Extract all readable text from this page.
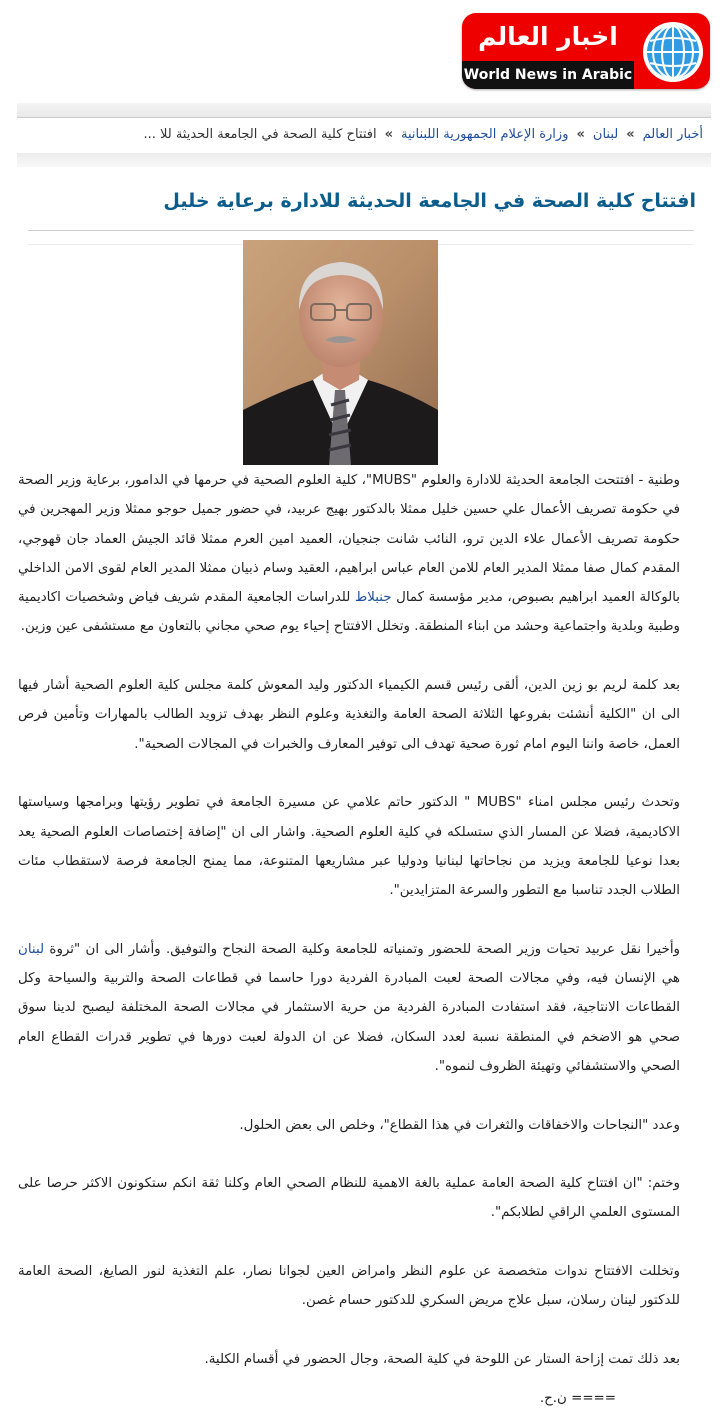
اخبار العالم
World News in Arabic
أخبار العالم»لبنان»وزارة الإعلام الجمهورية اللبنانية»افتتاح كلية الصحة في الجامعة الحديثة للا ...
افتتاح كلية الصحة في الجامعة الحديثة للادارة برعاية خليل

وطنية - افتتحت الجامعة الحديثة للادارة والعلوم "MUBS"، كلية العلوم الصحية في حرمها في الدامور، برعاية وزير الصحة في حكومة تصريف الأعمال علي حسين خليل ممثلا بالدكتور بهيج عربيد، في حضور جميل حوجو ممثلا وزير المهجرين في حكومة تصريف الأعمال علاء الدين ترو، النائب شانت جنجيان، العميد امين العرم ممثلا قائد الجيش العماد جان قهوجي، المقدم كمال صفا ممثلا المدير العام للامن العام عباس ابراهيم، العقيد وسام ذبيان ممثلا المدير العام لقوى الامن الداخلي بالوكالة العميد ابراهيم بصبوص، مدير مؤسسة كمال جنبلاط للدراسات الجامعية المقدم شريف فياض وشخصيات اكاديمية وطبية وبلدية واجتماعية وحشد من ابناء المنطقة. وتخلل الافتتاح إحياء يوم صحي مجاني بالتعاون مع مستشفى عين وزين.

بعد كلمة لريم بو زين الدين، ألقى رئيس قسم الكيمياء الدكتور وليد المعوش كلمة مجلس كلية العلوم الصحية أشار فيها الى ان "الكلية أنشئت بفروعها الثلاثة الصحة العامة والتغذية وعلوم النظر بهدف تزويد الطالب بالمهارات وتأمين فرص العمل، خاصة واننا اليوم امام ثورة صحية تهدف الى توفير المعارف والخبرات في المجالات الصحية".

وتحدث رئيس مجلس امناء "MUBS " الدكتور حاتم علامي عن مسيرة الجامعة في تطوير رؤيتها وبرامجها وسياستها الاكاديمية، فضلا عن المسار الذي ستسلكه في كلية العلوم الصحية. واشار الى ان "إضافة إختصاصات العلوم الصحية يعد بعدا نوعيا للجامعة ويزيد من نجاحاتها لبنانيا ودوليا عبر مشاريعها المتنوعة، مما يمنح الجامعة فرصة لاستقطاب مئات الطلاب الجدد تناسبا مع التطور والسرعة المتزايدين".

وأخيرا نقل عربيد تحيات وزير الصحة للحضور وتمنياته للجامعة وكلية الصحة النجاح والتوفيق. وأشار الى ان "ثروة لبنان هي الإنسان فيه، وفي مجالات الصحة لعبت المبادرة الفردية دورا حاسما في قطاعات الصحة والتربية والسياحة وكل القطاعات الانتاجية، فقد استفادت المبادرة الفردية من حرية الاستثمار في مجالات الصحة المختلفة ليصبح لدينا سوق صحي هو الاضخم في المنطقة نسبة لعدد السكان، فضلا عن ان الدولة لعبت دورها في تطوير قدرات القطاع العام الصحي والاستشفائي وتهيئة الظروف لنموه".

وعدد "النجاحات والاخفاقات والثغرات في هذا القطاع"، وخلص الى بعض الحلول.

وختم: "ان افتتاح كلية الصحة العامة عملية بالغة الاهمية للنظام الصحي العام وكلنا ثقة انكم ستكونون الاكثر حرصا على المستوى العلمي الراقي لطلابكم".

وتخللت الافتتاح ندوات متخصصة عن علوم النظر وامراض العين لجوانا نصار، علم التغذية لنور الصايغ، الصحة العامة للدكتور لينان رسلان، سبل علاج مريض السكري للدكتور حسام غصن.

بعد ذلك تمت إزاحة الستار عن اللوحة في كلية الصحة، وجال الحضور في أقسام الكلية.

==== ن.ح.
